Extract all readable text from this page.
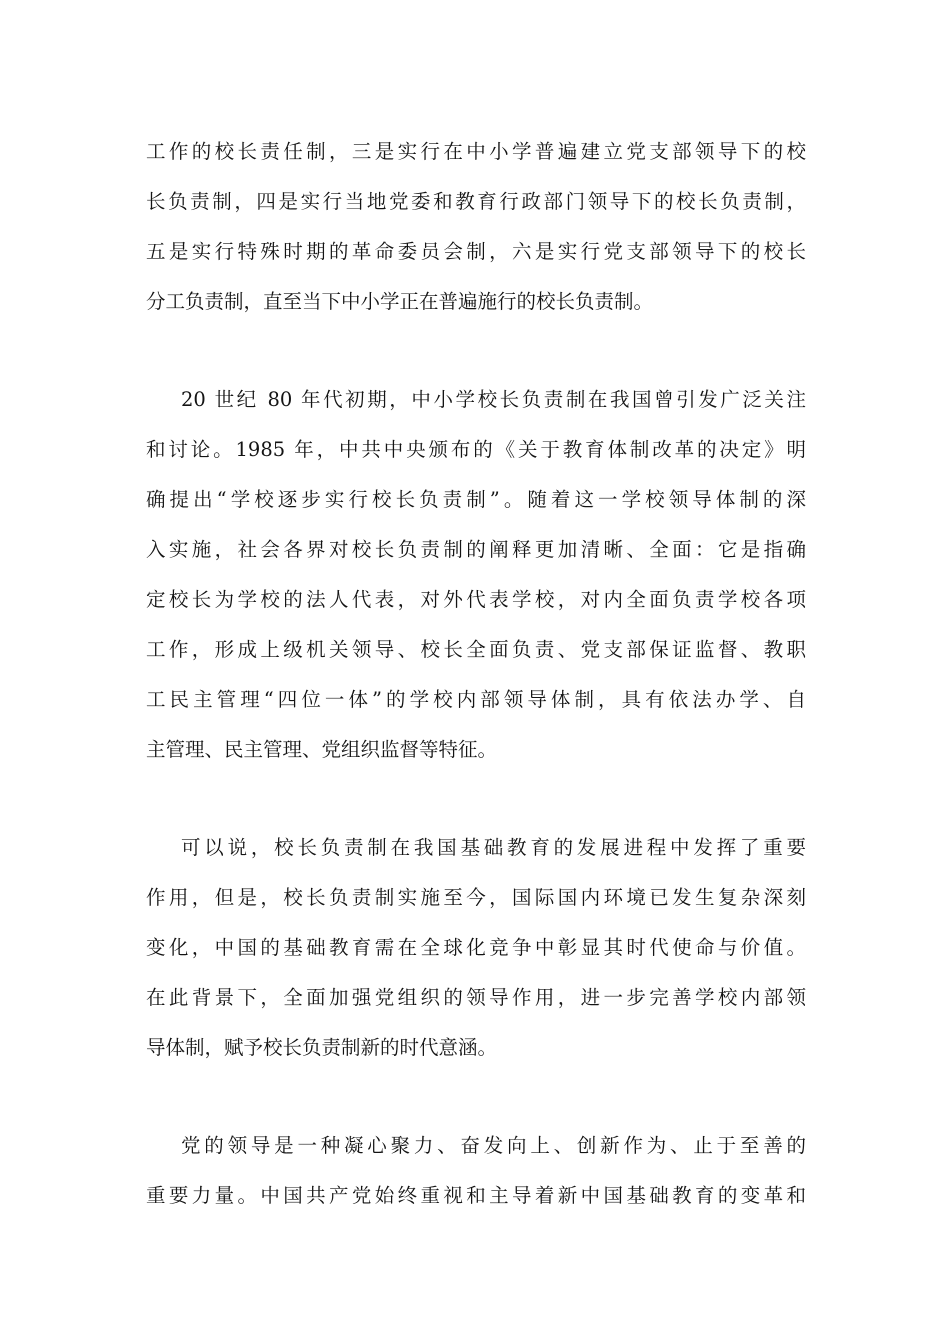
工作的校长责任制，三是实行在中小学普遍建立党支部领导下的校
长负责制，四是实行当地党委和教育行政部门领导下的校长负责制，
五是实行特殊时期的革命委员会制，六是实行党支部领导下的校长
分工负责制，直至当下中小学正在普遍施行的校长负责制。
20 世纪 80 年代初期，中小学校长负责制在我国曾引发广泛关注
和讨论。1985 年，中共中央颁布的《关于教育体制改革的决定》明
确提出“学校逐步实行校长负责制”。随着这一学校领导体制的深
入实施，社会各界对校长负责制的阐释更加清晰、全面：它是指确
定校长为学校的法人代表，对外代表学校，对内全面负责学校各项
工作，形成上级机关领导、校长全面负责、党支部保证监督、教职
工民主管理“四位一体”的学校内部领导体制，具有依法办学、自
主管理、民主管理、党组织监督等特征。
可以说，校长负责制在我国基础教育的发展进程中发挥了重要
作用，但是，校长负责制实施至今，国际国内环境已发生复杂深刻
变化，中国的基础教育需在全球化竞争中彰显其时代使命与价值。
在此背景下，全面加强党组织的领导作用，进一步完善学校内部领
导体制，赋予校长负责制新的时代意涵。
党的领导是一种凝心聚力、奋发向上、创新作为、止于至善的
重要力量。中国共产党始终重视和主导着新中国基础教育的变革和
